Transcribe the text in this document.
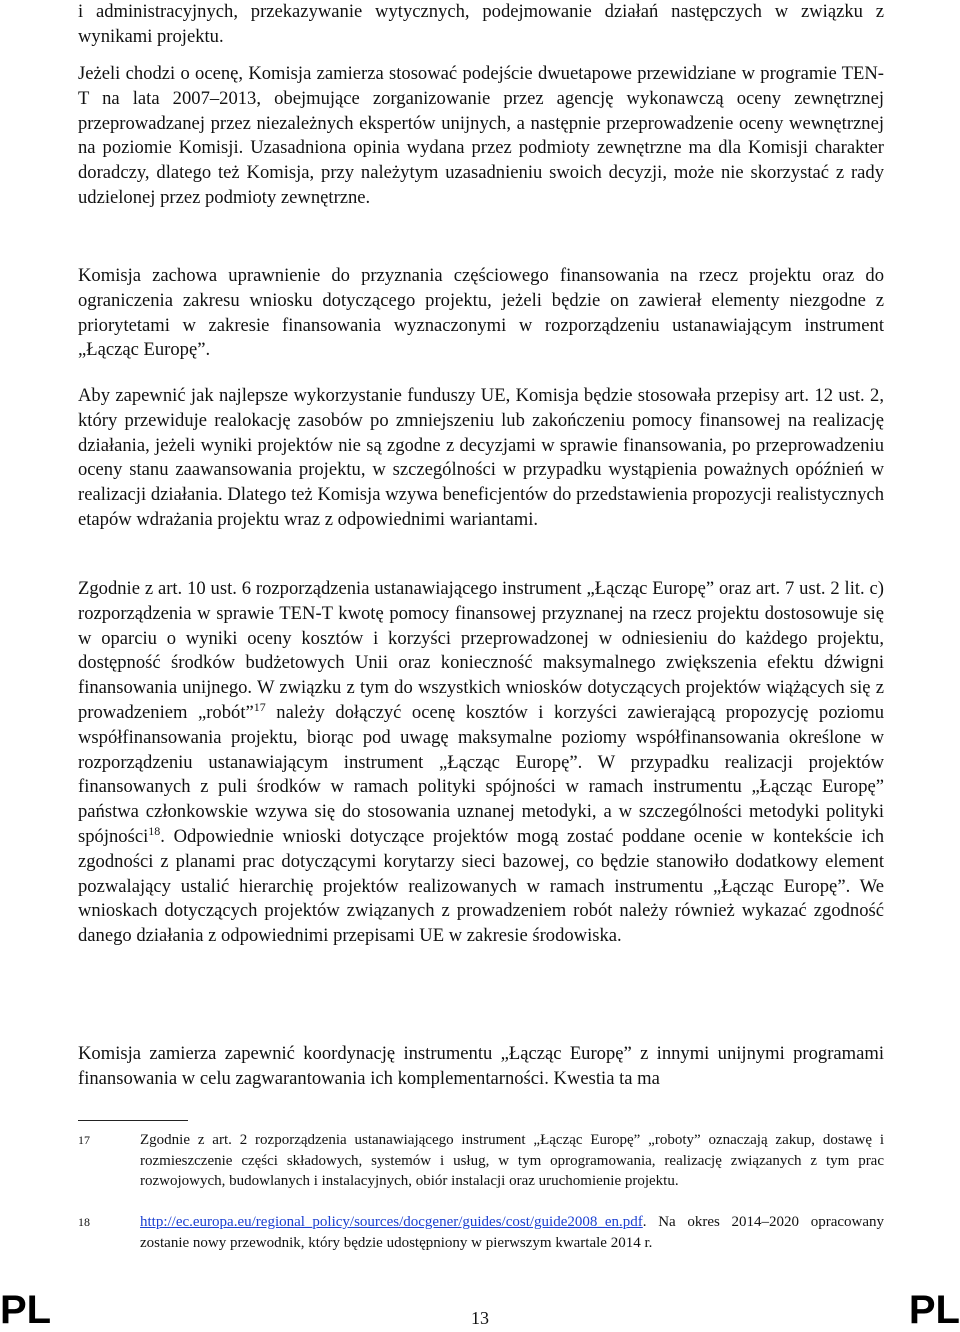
i administracyjnych, przekazywanie wytycznych, podejmowanie działań następczych w związku z wynikami projektu.

Jeżeli chodzi o ocenę, Komisja zamierza stosować podejście dwuetapowe przewidziane w programie TEN-T na lata 2007–2013, obejmujące zorganizowanie przez agencję wykonawczą oceny zewnętrznej przeprowadzanej przez niezależnych ekspertów unijnych, a następnie przeprowadzenie oceny wewnętrznej na poziomie Komisji. Uzasadniona opinia wydana przez podmioty zewnętrzne ma dla Komisji charakter doradczy, dlatego też Komisja, przy należytym uzasadnieniu swoich decyzji, może nie skorzystać z rady udzielonej przez podmioty zewnętrzne.

Komisja zachowa uprawnienie do przyznania częściowego finansowania na rzecz projektu oraz do ograniczenia zakresu wniosku dotyczącego projektu, jeżeli będzie on zawierał elementy niezgodne z priorytetami w zakresie finansowania wyznaczonymi w rozporządzeniu ustanawiającym instrument „Łącząc Europę”.

Aby zapewnić jak najlepsze wykorzystanie funduszy UE, Komisja będzie stosowała przepisy art. 12 ust. 2, który przewiduje realokację zasobów po zmniejszeniu lub zakończeniu pomocy finansowej na realizację działania, jeżeli wyniki projektów nie są zgodne z decyzjami w sprawie finansowania, po przeprowadzeniu oceny stanu zaawansowania projektu, w szczególności w przypadku wystąpienia poważnych opóźnień w realizacji działania. Dlatego też Komisja wzywa beneficjentów do przedstawienia propozycji realistycznych etapów wdrażania projektu wraz z odpowiednimi wariantami.

Zgodnie z art. 10 ust. 6 rozporządzenia ustanawiającego instrument „Łącząc Europę” oraz art. 7 ust. 2 lit. c) rozporządzenia w sprawie TEN-T kwotę pomocy finansowej przyznanej na rzecz projektu dostosowuje się w oparciu o wyniki oceny kosztów i korzyści przeprowadzonej w odniesieniu do każdego projektu, dostępność środków budżetowych Unii oraz konieczność maksymalnego zwiększenia efektu dźwigni finansowania unijnego. W związku z tym do wszystkich wniosków dotyczących projektów wiążących się z prowadzeniem „robót”$^{17}$ należy dołączyć ocenę kosztów i korzyści zawierającą propozycję poziomu współfinansowania projektu, biorąc pod uwagę maksymalne poziomy współfinansowania określone w rozporządzeniu ustanawiającym instrument „Łącząc Europę”. W przypadku realizacji projektów finansowanych z puli środków w ramach polityki spójności w ramach instrumentu „Łącząc Europę” państwa członkowskie wzywa się do stosowania uznanej metodyki, a w szczególności metodyki polityki spójności$^{18}$. Odpowiednie wnioski dotyczące projektów mogą zostać poddane ocenie w kontekście ich zgodności z planami prac dotyczącymi korytarzy sieci bazowej, co będzie stanowiło dodatkowy element pozwalający ustalić hierarchię projektów realizowanych w ramach instrumentu „Łącząc Europę”. We wnioskach dotyczących projektów związanych z prowadzeniem robót należy również wykazać zgodność danego działania z odpowiednimi przepisami UE w zakresie środowiska.

Komisja zamierza zapewnić koordynację instrumentu „Łącząc Europę” z innymi unijnymi programami finansowania w celu zagwarantowania ich komplementarności. Kwestia ta ma

17	Zgodnie z art. 2 rozporządzenia ustanawiającego instrument „Łącząc Europę” „roboty” oznaczają zakup, dostawę i rozmieszczenie części składowych, systemów i usług, w tym oprogramowania, realizację związanych z tym prac rozwojowych, budowlanych i instalacyjnych, obiór instalacji oraz uruchomienie projektu.
18	http://ec.europa.eu/regional_policy/sources/docgener/guides/cost/guide2008_en.pdf. Na okres 2014–2020 opracowany zostanie nowy przewodnik, który będzie udostępniony w pierwszym kwartale 2014 r.
PL	13	PL
